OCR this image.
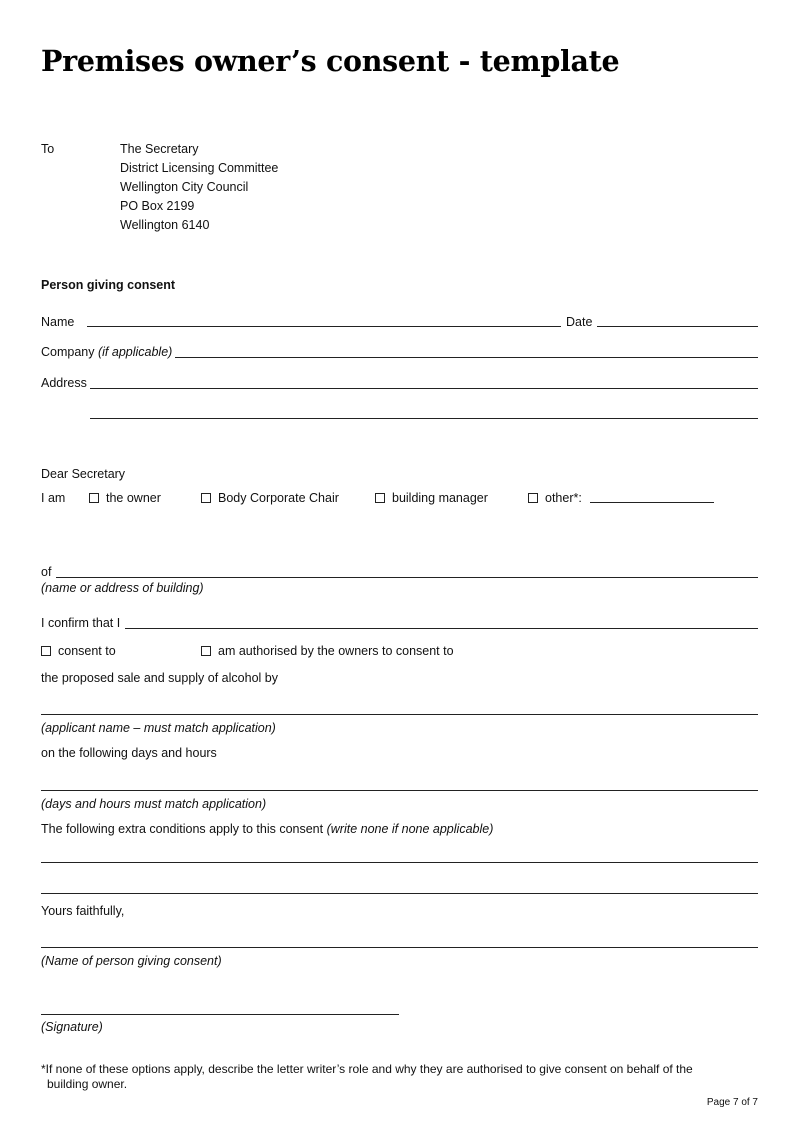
Premises owner’s consent - template
To	The Secretary
District Licensing Committee
Wellington City Council
PO Box 2199
Wellington 6140
Person giving consent
Name	Date
Company (if applicable)
Address
Dear Secretary
I am	the owner	Body Corporate Chair	building manager	other*:
of
(name or address of building)
I confirm that I
consent to	am authorised by the owners to consent to
the proposed sale and supply of alcohol by
(applicant name – must match application)
on the following days and hours
(days and hours must match application)
The following extra conditions apply to this consent (write none if none applicable)
Yours faithfully,
(Name of person giving consent)
(Signature)
*If none of these options apply, describe the letter writer’s role and why they are authorised to give consent on behalf of the
building owner.
Page 7 of 7
